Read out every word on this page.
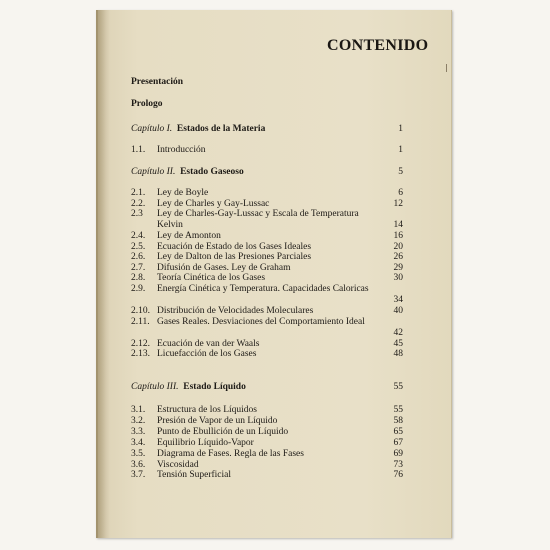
CONTENIDO
Presentación
Prologo
Capítulo I. Estados de la Materia	1
1.1. Introducción	1
Capítulo II. Estado Gaseoso	5
2.1. Ley de Boyle	6
2.2. Ley de Charles y Gay-Lussac	12
2.3 Ley de Charles-Gay-Lussac y Escala de Temperatura Kelvin	14
2.4. Ley de Amonton	16
2.5. Ecuación de Estado de los Gases Ideales	20
2.6. Ley de Dalton de las Presiones Parciales	26
2.7. Difusión de Gases. Ley de Graham	29
2.8. Teoría Cinética de los Gases	30
2.9. Energía Cinética y Temperatura. Capacidades Caloricas
34
2.10. Distribución de Velocidades Moleculares	40
2.11. Gases Reales. Desviaciones del Comportamiento Ideal
42
2.12. Ecuación de van der Waals	45
2.13. Licuefacción de los Gases	48
Capítulo III. Estado Líquido	55
3.1. Estructura de los Líquidos	55
3.2. Presión de Vapor de un Líquido	58
3.3. Punto de Ebullición de un Líquido	65
3.4. Equilibrio Líquido-Vapor	67
3.5. Diagrama de Fases. Regla de las Fases	69
3.6. Viscosidad	73
3.7. Tensión Superficial	76
